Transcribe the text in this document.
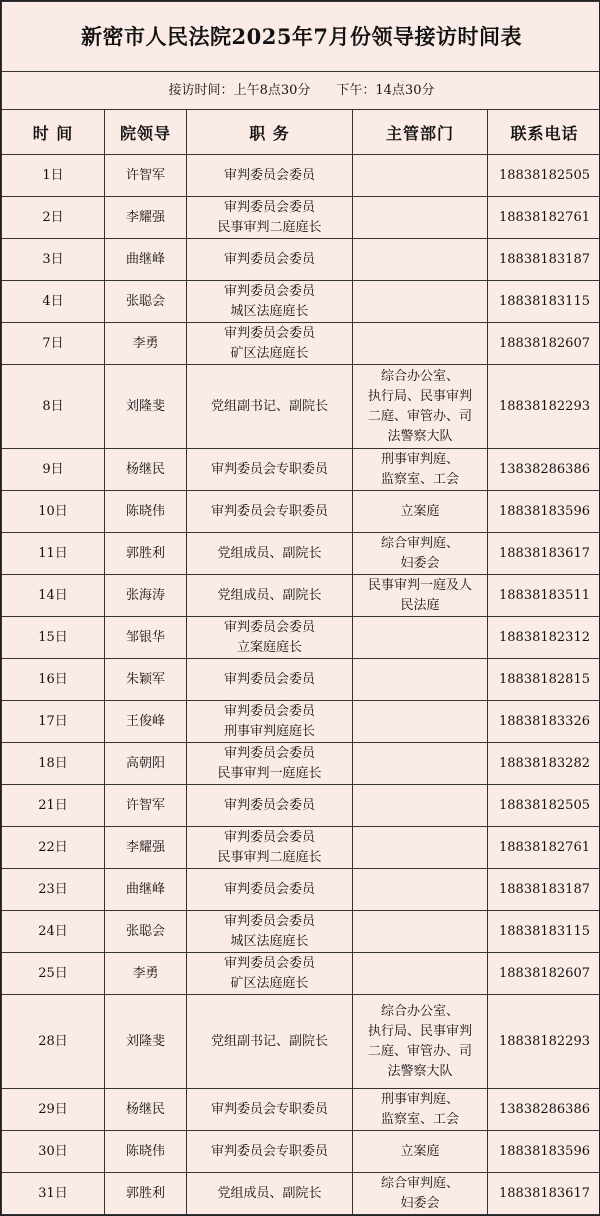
新密市人民法院2025年7月份领导接访时间表				
接访时间：上午8点30分 下午：14点30分				
时 间	院领导	职 务	主管部门	联系电话
1日	许智军	审判委员会委员		18838182505
2日	李耀强	审判委员会委员
民事审判二庭庭长		18838182761
3日	曲继峰	审判委员会委员		18838183187
4日	张聪会	审判委员会委员
城区法庭庭长		18838183115
7日	李勇	审判委员会委员
矿区法庭庭长		18838182607
8日	刘隆斐	党组副书记、副院长	综合办公室、
执行局、民事审判
二庭、审管办、司
法警察大队	18838182293
9日	杨继民	审判委员会专职委员	刑事审判庭、
监察室、工会	13838286386
10日	陈晓伟	审判委员会专职委员	立案庭	18838183596
11日	郭胜利	党组成员、副院长	综合审判庭、
妇委会	18838183617
14日	张海涛	党组成员、副院长	民事审判一庭及人
民法庭	18838183511
15日	邹银华	审判委员会委员
立案庭庭长		18838182312
16日	朱颖军	审判委员会委员		18838182815
17日	王俊峰	审判委员会委员
刑事审判庭庭长		18838183326
18日	高朝阳	审判委员会委员
民事审判一庭庭长		18838183282
21日	许智军	审判委员会委员		18838182505
22日	李耀强	审判委员会委员
民事审判二庭庭长		18838182761
23日	曲继峰	审判委员会委员		18838183187
24日	张聪会	审判委员会委员
城区法庭庭长		18838183115
25日	李勇	审判委员会委员
矿区法庭庭长		18838182607
28日	刘隆斐	党组副书记、副院长	综合办公室、
执行局、民事审判
二庭、审管办、司
法警察大队	18838182293
29日	杨继民	审判委员会专职委员	刑事审判庭、
监察室、工会	13838286386
30日	陈晓伟	审判委员会专职委员	立案庭	18838183596
31日	郭胜利	党组成员、副院长	综合审判庭、
妇委会	18838183617
